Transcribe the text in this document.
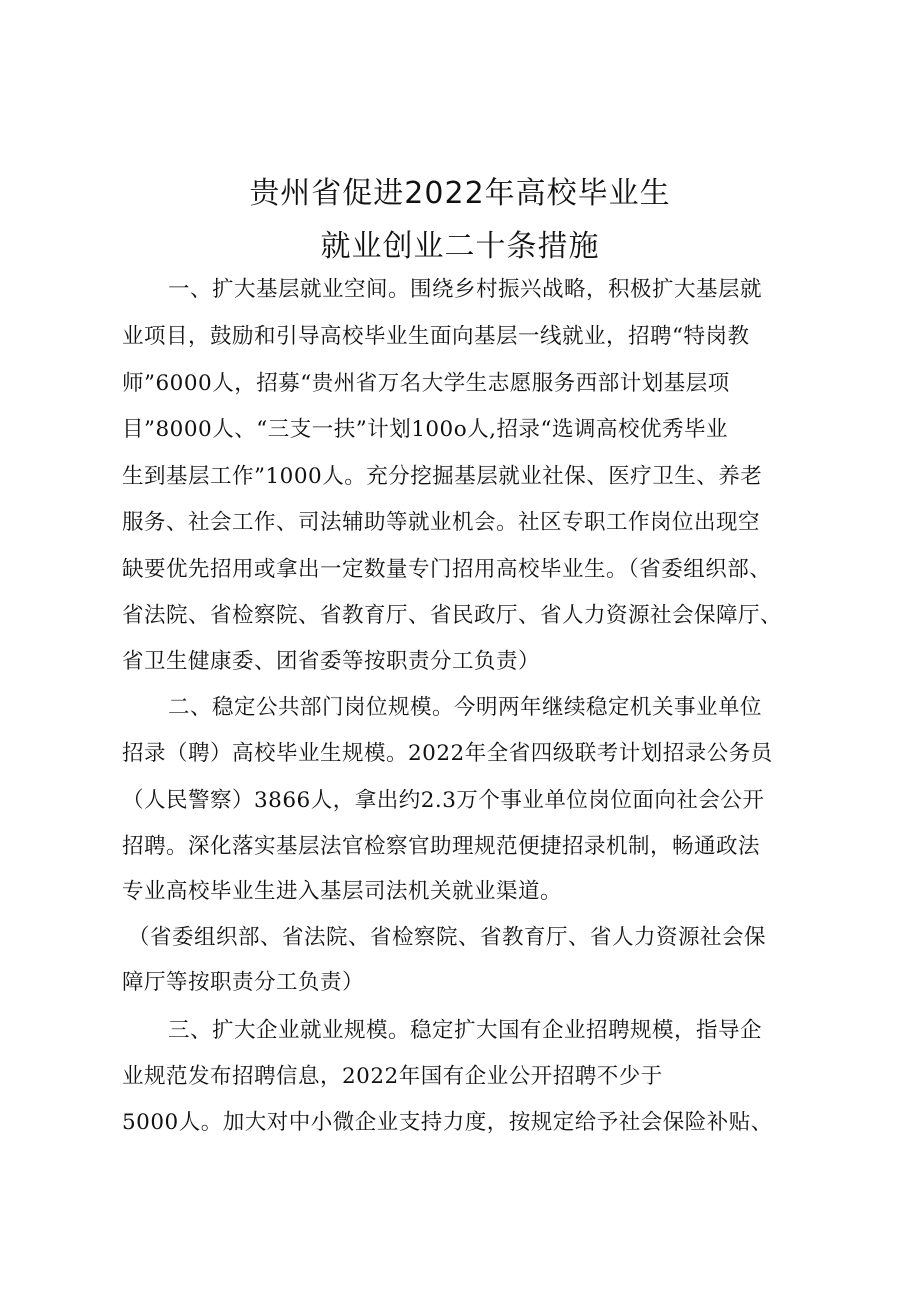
贵州省促进2022年高校毕业生
就业创业二十条措施
一、扩大基层就业空间。围绕乡村振兴战略，积极扩大基层就
业项目，鼓励和引导高校毕业生面向基层一线就业，招聘“特岗教
师”6000人，招募“贵州省万名大学生志愿服务西部计划基层项
目”8000人、“三支一扶”计划100o人,招录“选调高校优秀毕业
生到基层工作”1000人。充分挖掘基层就业社保、医疗卫生、养老
服务、社会工作、司法辅助等就业机会。社区专职工作岗位出现空
缺要优先招用或拿出一定数量专门招用高校毕业生。（省委组织部、
省法院、省检察院、省教育厅、省民政厅、省人力资源社会保障厅、
省卫生健康委、团省委等按职责分工负责）
二、稳定公共部门岗位规模。今明两年继续稳定机关事业单位
招录（聘）高校毕业生规模。2022年全省四级联考计划招录公务员
（人民警察）3866人，拿出约2.3万个事业单位岗位面向社会公开
招聘。深化落实基层法官检察官助理规范便捷招录机制，畅通政法
专业高校毕业生进入基层司法机关就业渠道。
（省委组织部、省法院、省检察院、省教育厅、省人力资源社会保
障厅等按职责分工负责）
三、扩大企业就业规模。稳定扩大国有企业招聘规模，指导企
业规范发布招聘信息，2022年国有企业公开招聘不少于
5000人。加大对中小微企业支持力度，按规定给予社会保险补贴、
